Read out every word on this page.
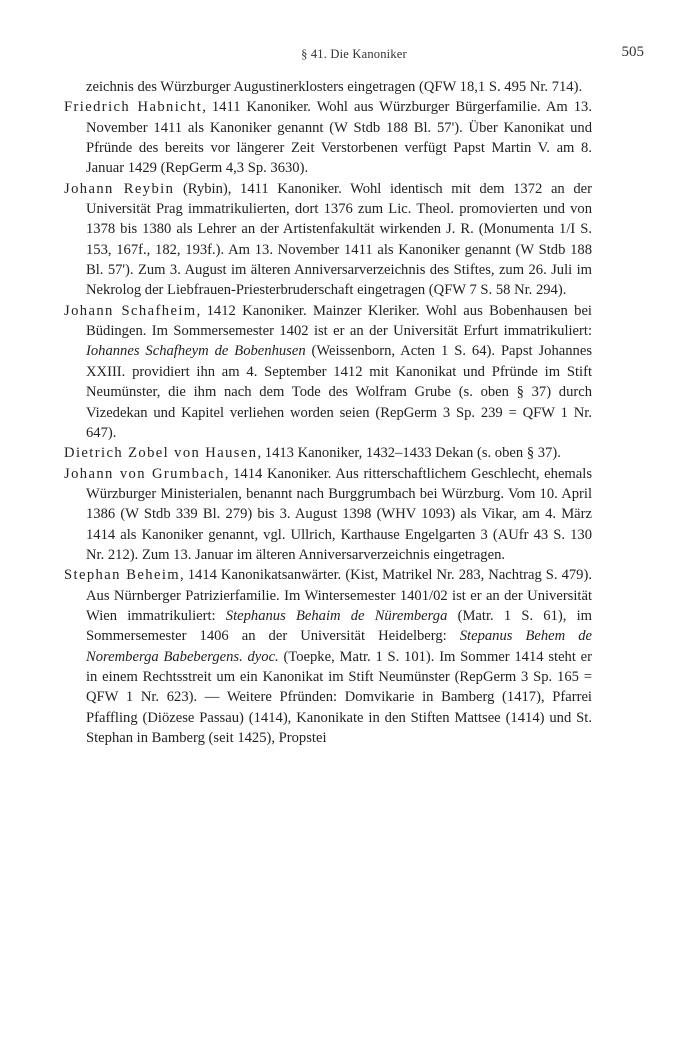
§ 41. Die Kanoniker	505

zeichnis des Würzburger Augustinerklosters eingetragen (QFW 18,1 S. 495 Nr. 714).

Friedrich Habnicht, 1411 Kanoniker. Wohl aus Würzburger Bürgerfamilie. Am 13. November 1411 als Kanoniker genannt (W Stdb 188 Bl. 57'). Über Kanonikat und Pfründe des bereits vor längerer Zeit Verstorbenen verfügt Papst Martin V. am 8. Januar 1429 (RepGerm 4,3 Sp. 3630).

Johann Reybin (Rybin), 1411 Kanoniker. Wohl identisch mit dem 1372 an der Universität Prag immatrikulierten, dort 1376 zum Lic. Theol. promovierten und von 1378 bis 1380 als Lehrer an der Artistenfakultät wirkenden J. R. (Monumenta 1/I S. 153, 167f., 182, 193f.). Am 13. November 1411 als Kanoniker genannt (W Stdb 188 Bl. 57'). Zum 3. August im älteren Anniversarverzeichnis des Stiftes, zum 26. Juli im Nekrolog der Liebfrauen-Priesterbruderschaft eingetragen (QFW 7 S. 58 Nr. 294).

Johann Schafheim, 1412 Kanoniker. Mainzer Kleriker. Wohl aus Bobenhausen bei Büdingen. Im Sommersemester 1402 ist er an der Universität Erfurt immatrikuliert: Iohannes Schafheym de Bobenhusen (Weissenborn, Acten 1 S. 64). Papst Johannes XXIII. providiert ihn am 4. September 1412 mit Kanonikat und Pfründe im Stift Neumünster, die ihm nach dem Tode des Wolfram Grube (s. oben § 37) durch Vizedekan und Kapitel verliehen worden seien (RepGerm 3 Sp. 239 = QFW 1 Nr. 647).

Dietrich Zobel von Hausen, 1413 Kanoniker, 1432–1433 Dekan (s. oben § 37).

Johann von Grumbach, 1414 Kanoniker. Aus ritterschaftlichem Geschlecht, ehemals Würzburger Ministerialen, benannt nach Burggrumbach bei Würzburg. Vom 10. April 1386 (W Stdb 339 Bl. 279) bis 3. August 1398 (WHV 1093) als Vikar, am 4. März 1414 als Kanoniker genannt, vgl. Ullrich, Karthause Engelgarten 3 (AUfr 43 S. 130 Nr. 212). Zum 13. Januar im älteren Anniversarverzeichnis eingetragen.

Stephan Beheim, 1414 Kanonikatsanwärter. (Kist, Matrikel Nr. 283, Nachtrag S. 479). Aus Nürnberger Patrizierfamilie. Im Wintersemester 1401/02 ist er an der Universität Wien immatrikuliert: Stephanus Behaim de Nüremberga (Matr. 1 S. 61), im Sommersemester 1406 an der Universität Heidelberg: Stepanus Behem de Noremberga Babebergens. dyoc. (Toepke, Matr. 1 S. 101). Im Sommer 1414 steht er in einem Rechtsstreit um ein Kanonikat im Stift Neumünster (RepGerm 3 Sp. 165 = QFW 1 Nr. 623). — Weitere Pfründen: Domvikarie in Bamberg (1417), Pfarrei Pfaffling (Diözese Passau) (1414), Kanonikate in den Stiften Mattsee (1414) und St. Stephan in Bamberg (seit 1425), Propstei
